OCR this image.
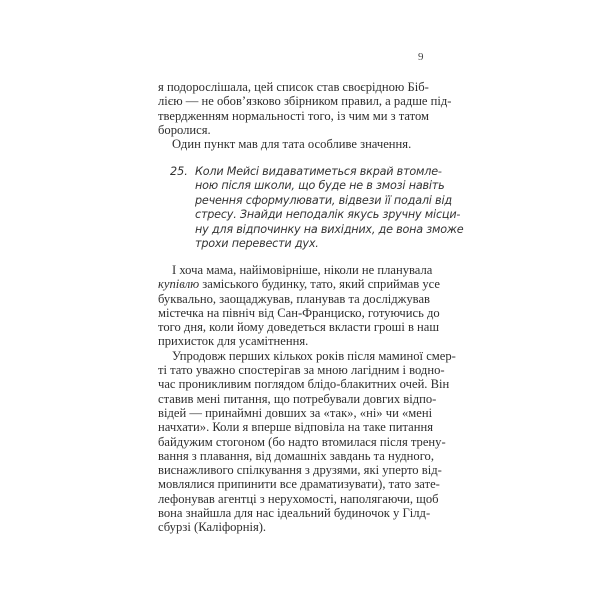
9
я подорослішала, цей список став своєрідною Біб-
лією — не обов’язково збірником правил, а радше під-
твердженням нормальності того, із чим ми з татом
боролися.
Один пункт мав для тата особливе значення.
25. Коли Мейсі видаватиметься вкрай втомле-
ною після школи, що буде не в змозі навіть
речення сформулювати, відвези її подалі від
стресу. Знайди неподалік якусь зручну місци-
ну для відпочинку на вихідних, де вона зможе
трохи перевести дух.
І хоча мама, найімовірніше, ніколи не планувала
купівлю заміського будинку, тато, який сприймав усе
буквально, заощаджував, планував та досліджував
містечка на північ від Сан-Франциско, готуючись до
того дня, коли йому доведеться вкласти гроші в наш
прихисток для усамітнення.
Упродовж перших кількох років після маминої смер-
ті тато уважно спостерігав за мною лагідним і водно-
час проникливим поглядом блідо-блакитних очей. Він
ставив мені питання, що потребували довгих відпо-
відей — принаймні довших за «так», «ні» чи «мені
начхати». Коли я вперше відповіла на таке питання
байдужим стогоном (бо надто втомилася після трену-
вання з плавання, від домашніх завдань та нудного,
виснажливого спілкування з друзями, які уперто від-
мовлялися припинити все драматизувати), тато зате-
лефонував агентці з нерухомості, наполягаючи, щоб
вона знайшла для нас ідеальний будиночок у Гілд-
сбурзі (Каліфорнія).
